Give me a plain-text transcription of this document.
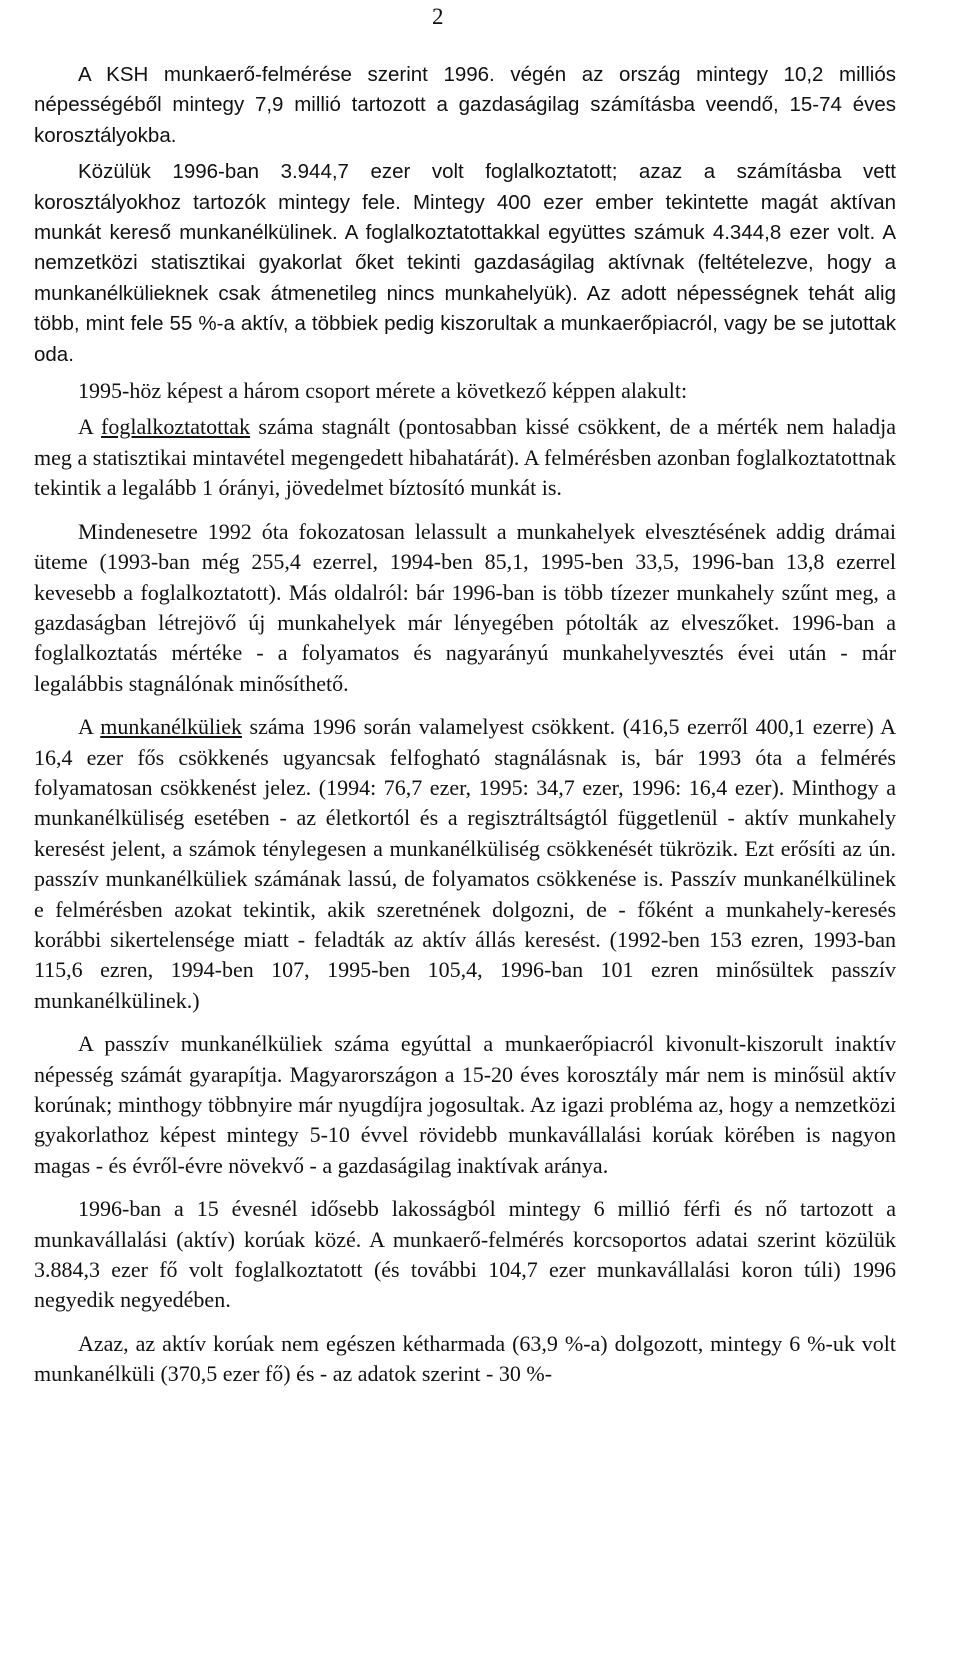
2

A KSH munkaerő-felmérése szerint 1996. végén az ország mintegy 10,2 milliós népességéből mintegy 7,9 millió tartozott a gazdaságilag számításba veendő, 15-74 éves korosztályokba.

Közülük 1996-ban 3.944,7 ezer volt foglalkoztatott; azaz a számításba vett korosztályokhoz tartozók mintegy fele. Mintegy 400 ezer ember tekintette magát aktívan munkát kereső munkanélkülinek. A foglalkoztatottakkal együttes számuk 4.344,8 ezer volt. A nemzetközi statisztikai gyakorlat őket tekinti gazdaságilag aktívnak (feltételezve, hogy a munkanélkülieknek csak átmenetileg nincs munkahelyük). Az adott népességnek tehát alig több, mint fele 55 %-a aktív, a többiek pedig kiszorultak a munkaerőpiacról, vagy be se jutottak oda.

1995-höz képest a három csoport mérete a következő képpen alakult:

A foglalkoztatottak száma stagnált (pontosabban kissé csökkent, de a mérték nem haladja meg a statisztikai mintavétel megengedett hibahatárát). A felmérésben azonban foglalkoztatottnak tekintik a legalább 1 órányi, jövedelmet bíztosító munkát is.

Mindenesetre 1992 óta fokozatosan lelassult a munkahelyek elvesztésének addig drámai üteme (1993-ban még 255,4 ezerrel, 1994-ben 85,1, 1995-ben 33,5, 1996-ban 13,8 ezerrel kevesebb a foglalkoztatott). Más oldalról: bár 1996-ban is több tízezer munkahely szűnt meg, a gazdaságban létrejövő új munkahelyek már lényegében pótolták az elveszőket. 1996-ban a foglalkoztatás mértéke - a folyamatos és nagyarányú munkahelyvesztés évei után - már legalábbis stagnálónak minősíthető.

A munkanélküliek száma 1996 során valamelyest csökkent. (416,5 ezerről 400,1 ezerre) A 16,4 ezer fős csökkenés ugyancsak felfogható stagnálásnak is, bár 1993 óta a felmérés folyamatosan csökkenést jelez. (1994: 76,7 ezer, 1995: 34,7 ezer, 1996: 16,4 ezer). Minthogy a munkanélküliség esetében - az életkortól és a regisztráltságtól függetlenül - aktív munkahely keresést jelent, a számok ténylegesen a munkanélküliség csökkenését tükrözik. Ezt erősíti az ún. passzív munkanélküliek számának lassú, de folyamatos csökkenése is. Passzív munkanélkülinek e felmérésben azokat tekintik, akik szeretnének dolgozni, de - főként a munkahely-keresés korábbi sikertelensége miatt - feladták az aktív állás keresést. (1992-ben 153 ezren, 1993-ban 115,6 ezren, 1994-ben 107, 1995-ben 105,4, 1996-ban 101 ezren minősültek passzív munkanélkülinek.)

A passzív munkanélküliek száma egyúttal a munkaerőpiacról kivonult-kiszorult inaktív népesség számát gyarapítja. Magyarországon a 15-20 éves korosztály már nem is minősül aktív korúnak; minthogy többnyire már nyugdíjra jogosultak. Az igazi probléma az, hogy a nemzetközi gyakorlathoz képest mintegy 5-10 évvel rövidebb munkavállalási korúak körében is nagyon magas - és évről-évre növekvő - a gazdaságilag inaktívak aránya.

1996-ban a 15 évesnél idősebb lakosságból mintegy 6 millió férfi és nő tartozott a munkavállalási (aktív) korúak közé. A munkaerő-felmérés korcsoportos adatai szerint közülük 3.884,3 ezer fő volt foglalkoztatott (és további 104,7 ezer munkavállalási koron túli) 1996 negyedik negyedében.

Azaz, az aktív korúak nem egészen kétharmada (63,9 %-a) dolgozott, mintegy 6 %-uk volt munkanélküli (370,5 ezer fő) és - az adatok szerint - 30 %-
